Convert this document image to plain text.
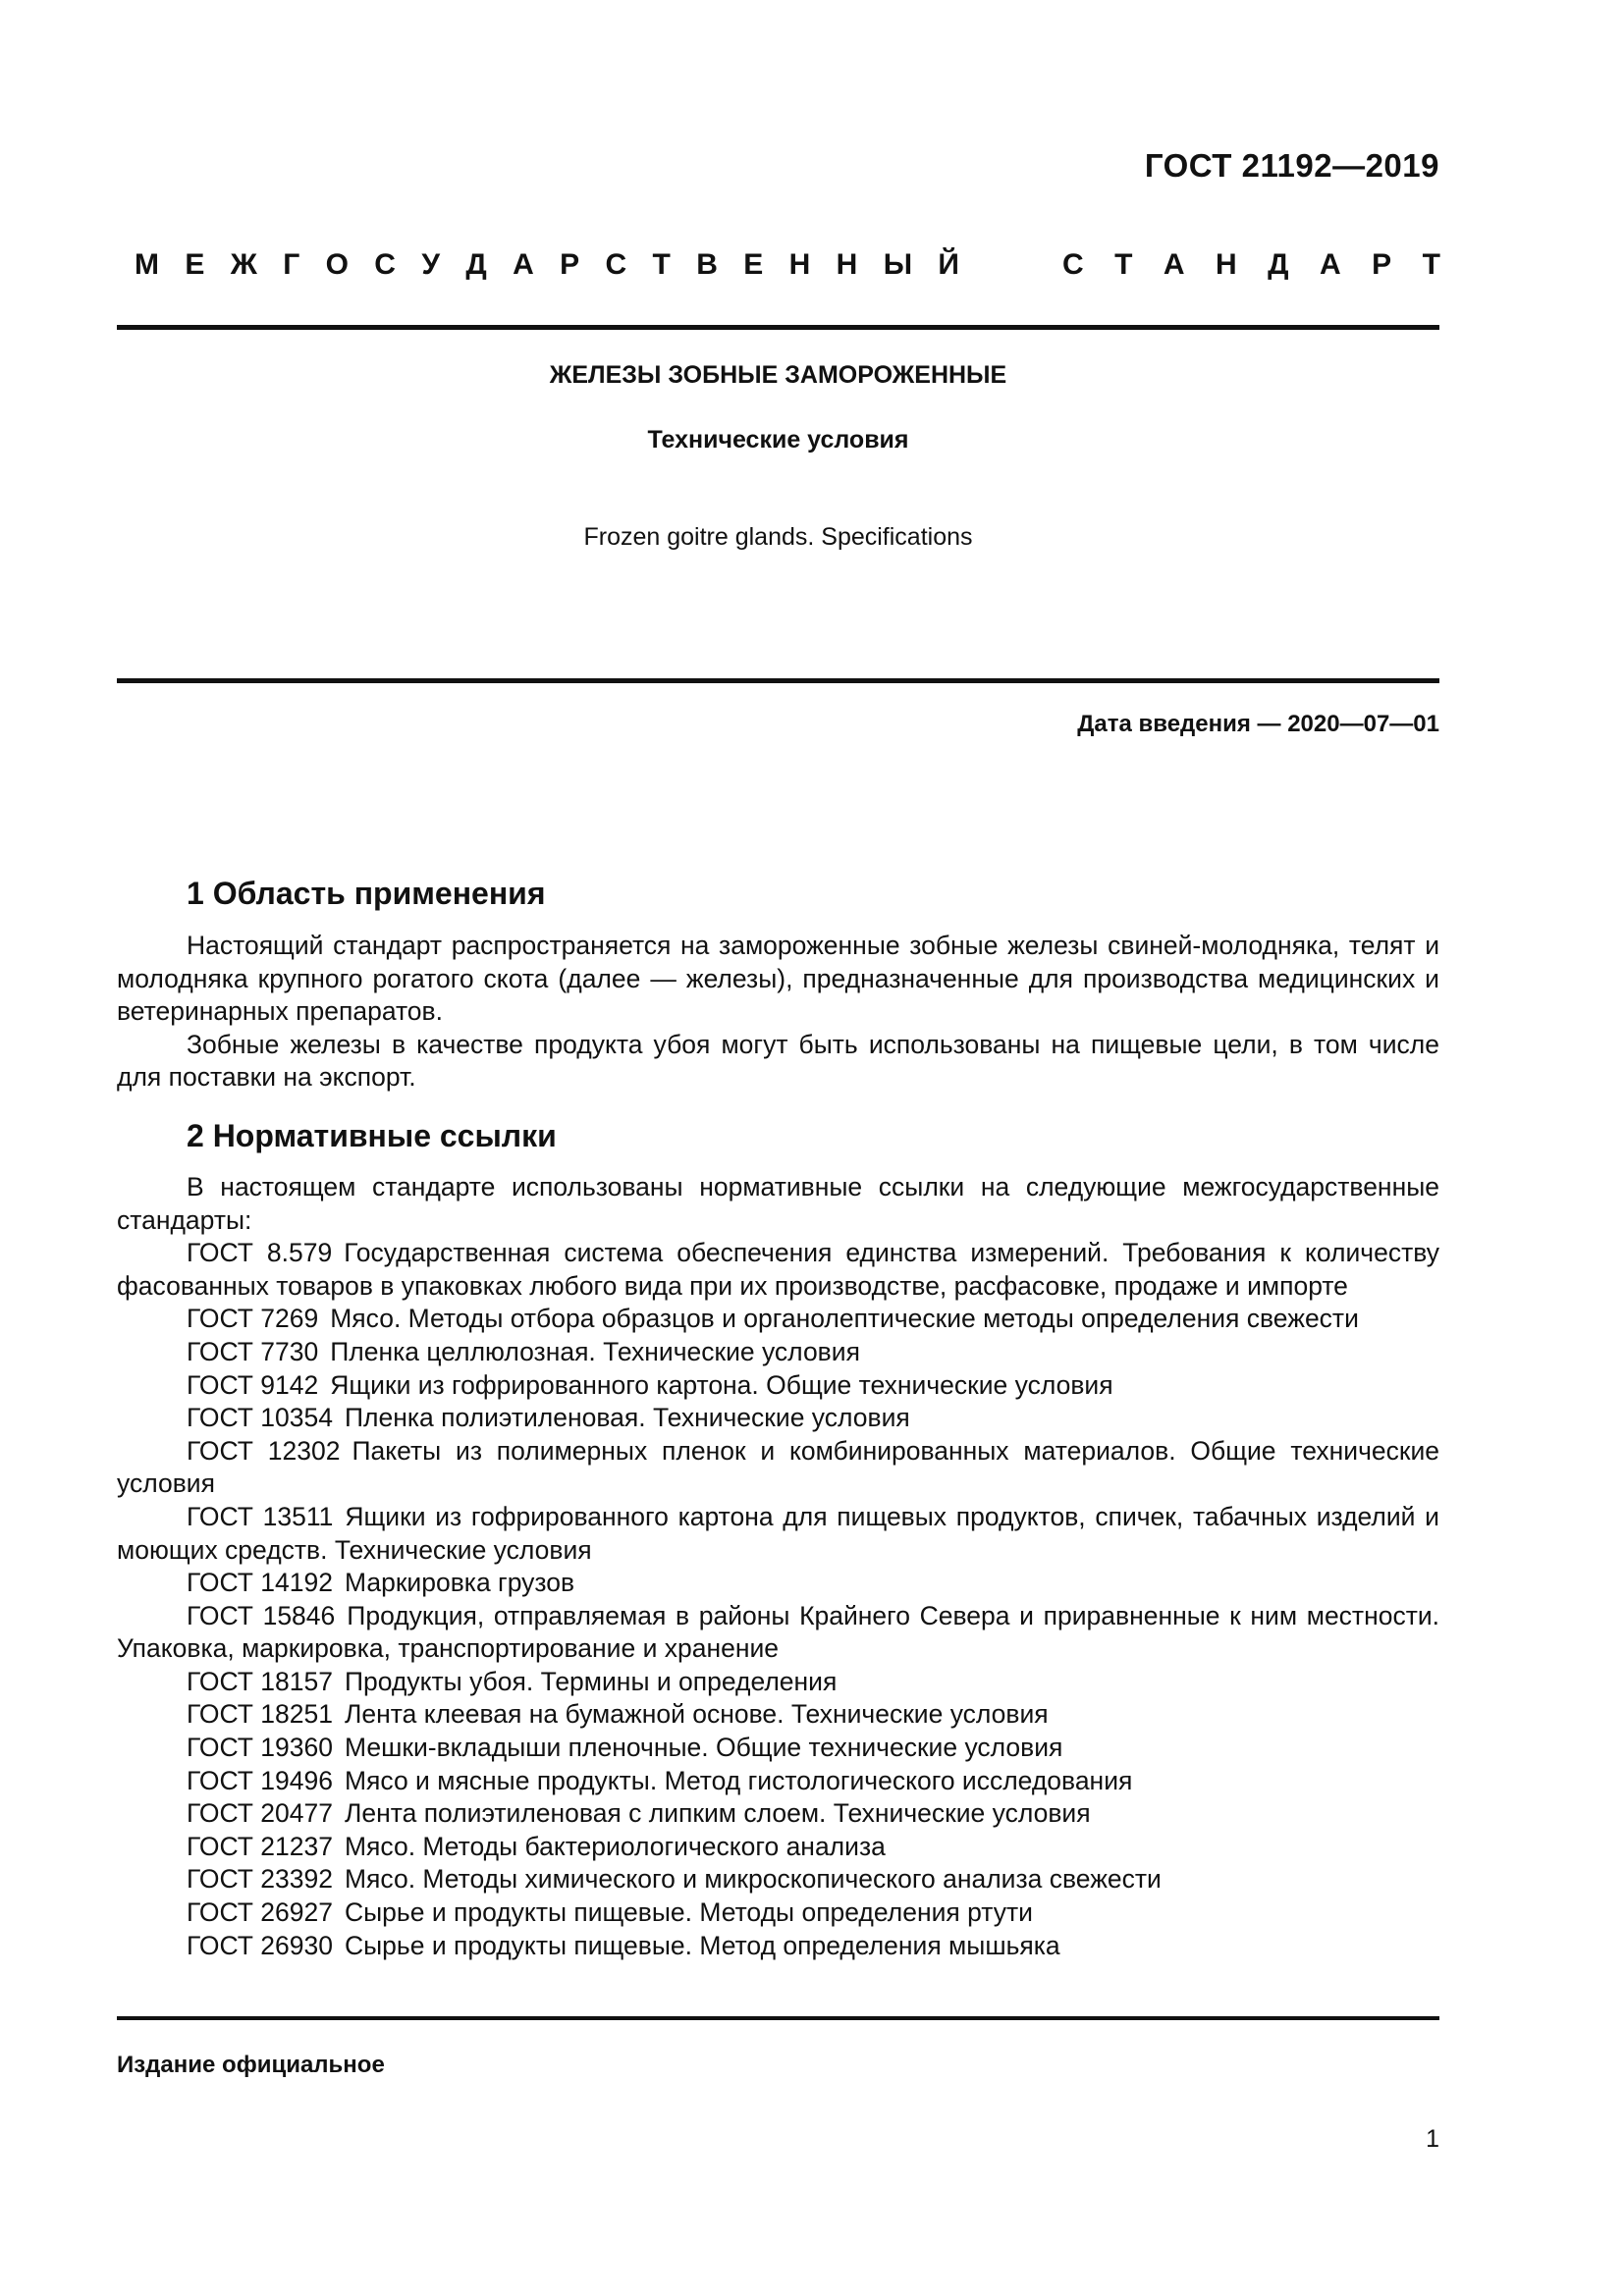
ГОСТ 21192—2019
М Е Ж Г О С У Д А Р С Т В Е Н Н Ы Й	С Т А Н Д А Р Т
ЖЕЛЕЗЫ ЗОБНЫЕ ЗАМОРОЖЕННЫЕ
Технические условия
Frozen goitre glands. Specifications
Дата введения — 2020—07—01
1 Область применения

Настоящий стандарт распространяется на замороженные зобные железы свиней-молодняка, телят и молодняка крупного рогатого скота (далее — железы), предназначенные для производства медицинских и ветеринарных препаратов.

Зобные железы в качестве продукта убоя могут быть использованы на пищевые цели, в том числе для поставки на экспорт.

2 Нормативные ссылки

В настоящем стандарте использованы нормативные ссылки на следующие межгосударственные стандарты:

ГОСТ 8.579 Государственная система обеспечения единства измерений. Требования к количеству фасованных товаров в упаковках любого вида при их производстве, расфасовке, продаже и импорте
ГОСТ 7269 Мясо. Методы отбора образцов и органолептические методы определения свежести
ГОСТ 7730 Пленка целлюлозная. Технические условия
ГОСТ 9142 Ящики из гофрированного картона. Общие технические условия
ГОСТ 10354 Пленка полиэтиленовая. Технические условия
ГОСТ 12302 Пакеты из полимерных пленок и комбинированных материалов. Общие технические условия
ГОСТ 13511 Ящики из гофрированного картона для пищевых продуктов, спичек, табачных изделий и моющих средств. Технические условия
ГОСТ 14192 Маркировка грузов
ГОСТ 15846 Продукция, отправляемая в районы Крайнего Севера и приравненные к ним местности. Упаковка, маркировка, транспортирование и хранение
ГОСТ 18157 Продукты убоя. Термины и определения
ГОСТ 18251 Лента клеевая на бумажной основе. Технические условия
ГОСТ 19360 Мешки-вкладыши пленочные. Общие технические условия
ГОСТ 19496 Мясо и мясные продукты. Метод гистологического исследования
ГОСТ 20477 Лента полиэтиленовая с липким слоем. Технические условия
ГОСТ 21237 Мясо. Методы бактериологического анализа
ГОСТ 23392 Мясо. Методы химического и микроскопического анализа свежести
ГОСТ 26927 Сырье и продукты пищевые. Методы определения ртути
ГОСТ 26930 Сырье и продукты пищевые. Метод определения мышьяка
Издание официальное
1
